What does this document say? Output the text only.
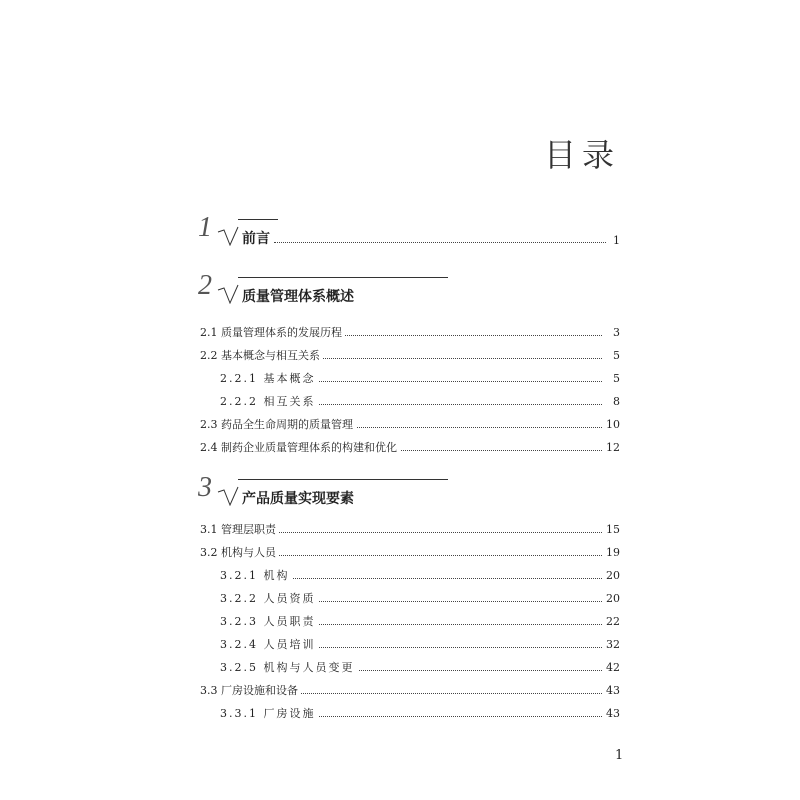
目录
1 前言	1
2 质量管理体系概述
2.1 质量管理体系的发展历程	3
2.2 基本概念与相互关系	5
2.2.1 基本概念	5
2.2.2 相互关系	8
2.3 药品全生命周期的质量管理	10
2.4 制药企业质量管理体系的构建和优化	12
3 产品质量实现要素
3.1 管理层职责	15
3.2 机构与人员	19
3.2.1 机构	20
3.2.2 人员资质	20
3.2.3 人员职责	22
3.2.4 人员培训	32
3.2.5 机构与人员变更	42
3.3 厂房设施和设备	43
3.3.1 厂房设施	43
1
